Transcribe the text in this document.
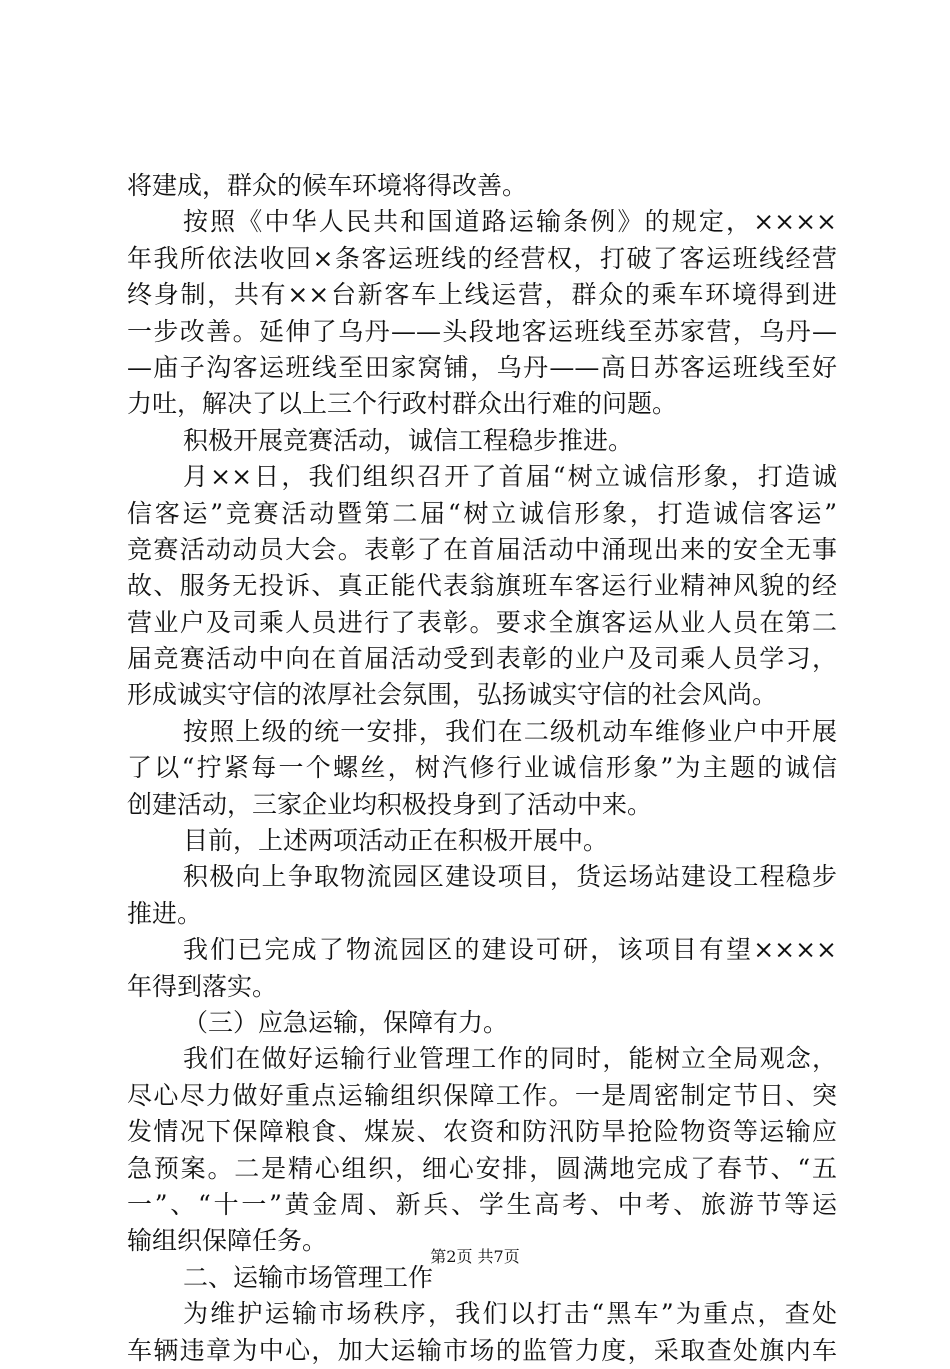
将建成，群众的候车环境将得改善。
按照《中华人民共和国道路运输条例》的规定，××××
年我所依法收回×条客运班线的经营权，打破了客运班线经营
终身制，共有××台新客车上线运营，群众的乘车环境得到进
一步改善。延伸了乌丹——头段地客运班线至苏家营，乌丹—
—庙子沟客运班线至田家窝铺，乌丹——高日苏客运班线至好
力吐，解决了以上三个行政村群众出行难的问题。
积极开展竞赛活动，诚信工程稳步推进。
月××日，我们组织召开了首届“树立诚信形象，打造诚
信客运”竞赛活动暨第二届“树立诚信形象，打造诚信客运”
竞赛活动动员大会。表彰了在首届活动中涌现出来的安全无事
故、服务无投诉、真正能代表翁旗班车客运行业精神风貌的经
营业户及司乘人员进行了表彰。要求全旗客运从业人员在第二
届竞赛活动中向在首届活动受到表彰的业户及司乘人员学习，
形成诚实守信的浓厚社会氛围，弘扬诚实守信的社会风尚。
按照上级的统一安排，我们在二级机动车维修业户中开展
了以“拧紧每一个螺丝，树汽修行业诚信形象”为主题的诚信
创建活动，三家企业均积极投身到了活动中来。
目前，上述两项活动正在积极开展中。
积极向上争取物流园区建设项目，货运场站建设工程稳步
推进。
我们已完成了物流园区的建设可研，该项目有望××××
年得到落实。
（三）应急运输，保障有力。
我们在做好运输行业管理工作的同时，能树立全局观念，
尽心尽力做好重点运输组织保障工作。一是周密制定节日、突
发情况下保障粮食、煤炭、农资和防汛防旱抢险物资等运输应
急预案。二是精心组织，细心安排，圆满地完成了春节、“五
一”、“十一”黄金周、新兵、学生高考、中考、旅游节等运
输组织保障任务。
二、运输市场管理工作
为维护运输市场秩序，我们以打击“黑车”为重点，查处
车辆违章为中心，加大运输市场的监管力度，采取查处旗内车
第2页 共7页
